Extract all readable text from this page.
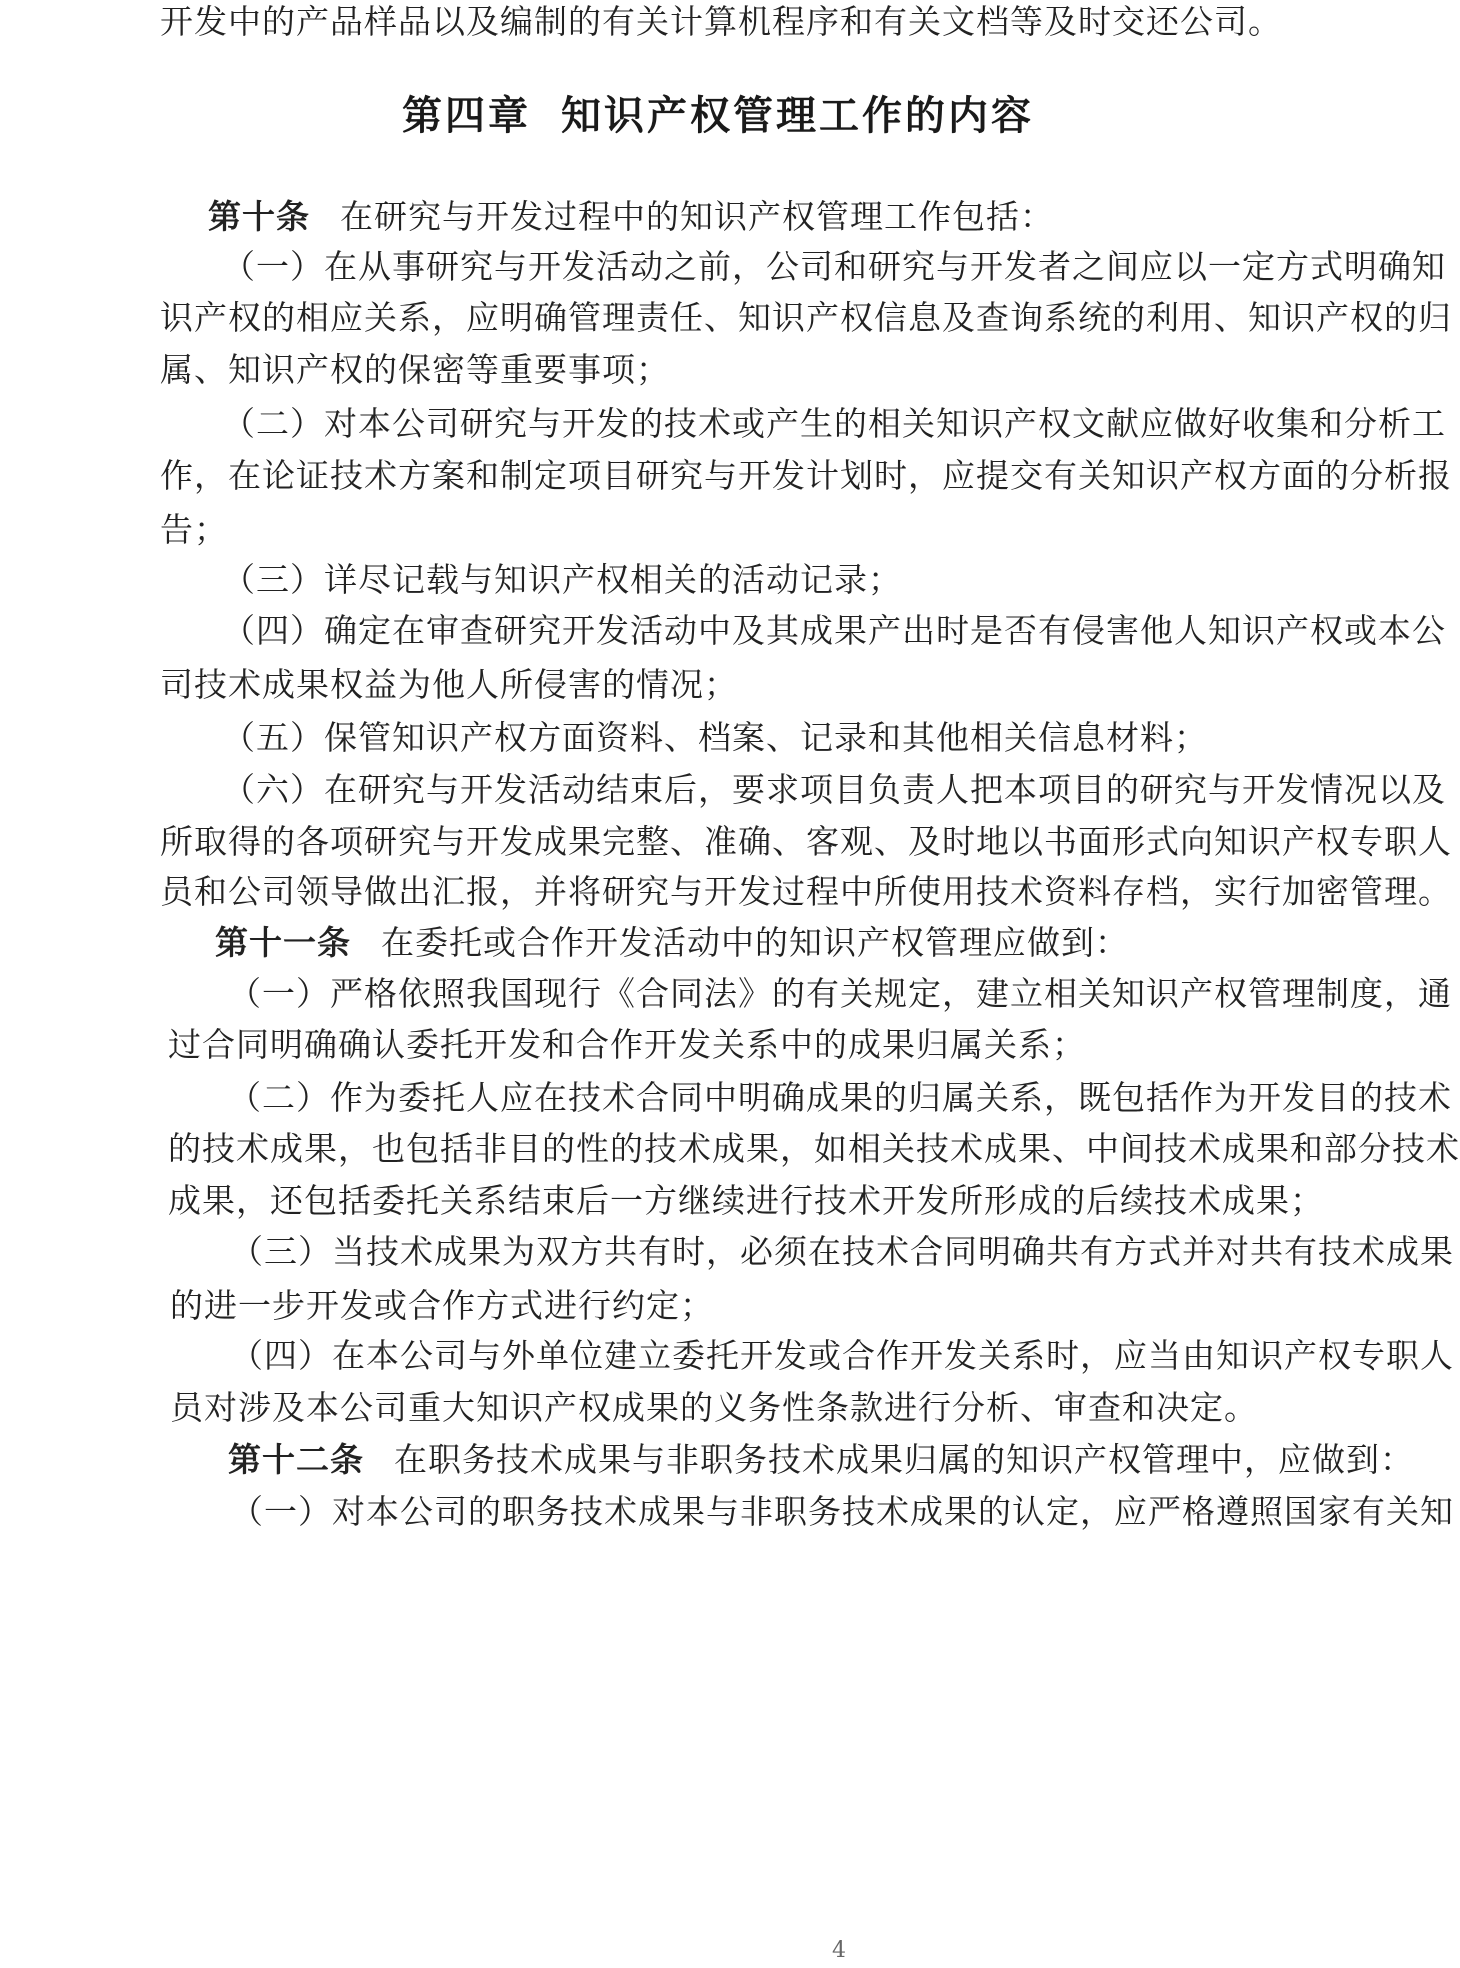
开发中的产品样品以及编制的有关计算机程序和有关文档等及时交还公司。
第四章 知识产权管理工作的内容
第十条 在研究与开发过程中的知识产权管理工作包括：
（一）在从事研究与开发活动之前，公司和研究与开发者之间应以一定方式明确知
识产权的相应关系，应明确管理责任、知识产权信息及查询系统的利用、知识产权的归
属、知识产权的保密等重要事项；
（二）对本公司研究与开发的技术或产生的相关知识产权文献应做好收集和分析工
作，在论证技术方案和制定项目研究与开发计划时，应提交有关知识产权方面的分析报
告；
（三）详尽记载与知识产权相关的活动记录；
（四）确定在审查研究开发活动中及其成果产出时是否有侵害他人知识产权或本公
司技术成果权益为他人所侵害的情况；
（五）保管知识产权方面资料、档案、记录和其他相关信息材料；
（六）在研究与开发活动结束后，要求项目负责人把本项目的研究与开发情况以及
所取得的各项研究与开发成果完整、准确、客观、及时地以书面形式向知识产权专职人
员和公司领导做出汇报，并将研究与开发过程中所使用技术资料存档，实行加密管理。
第十一条 在委托或合作开发活动中的知识产权管理应做到：
（一）严格依照我国现行《合同法》的有关规定，建立相关知识产权管理制度，通
过合同明确确认委托开发和合作开发关系中的成果归属关系；
（二）作为委托人应在技术合同中明确成果的归属关系，既包括作为开发目的技术
的技术成果，也包括非目的性的技术成果，如相关技术成果、中间技术成果和部分技术
成果，还包括委托关系结束后一方继续进行技术开发所形成的后续技术成果；
（三）当技术成果为双方共有时，必须在技术合同明确共有方式并对共有技术成果
的进一步开发或合作方式进行约定；
（四）在本公司与外单位建立委托开发或合作开发关系时，应当由知识产权专职人
员对涉及本公司重大知识产权成果的义务性条款进行分析、审查和决定。
第十二条 在职务技术成果与非职务技术成果归属的知识产权管理中，应做到：
（一）对本公司的职务技术成果与非职务技术成果的认定，应严格遵照国家有关知
4
